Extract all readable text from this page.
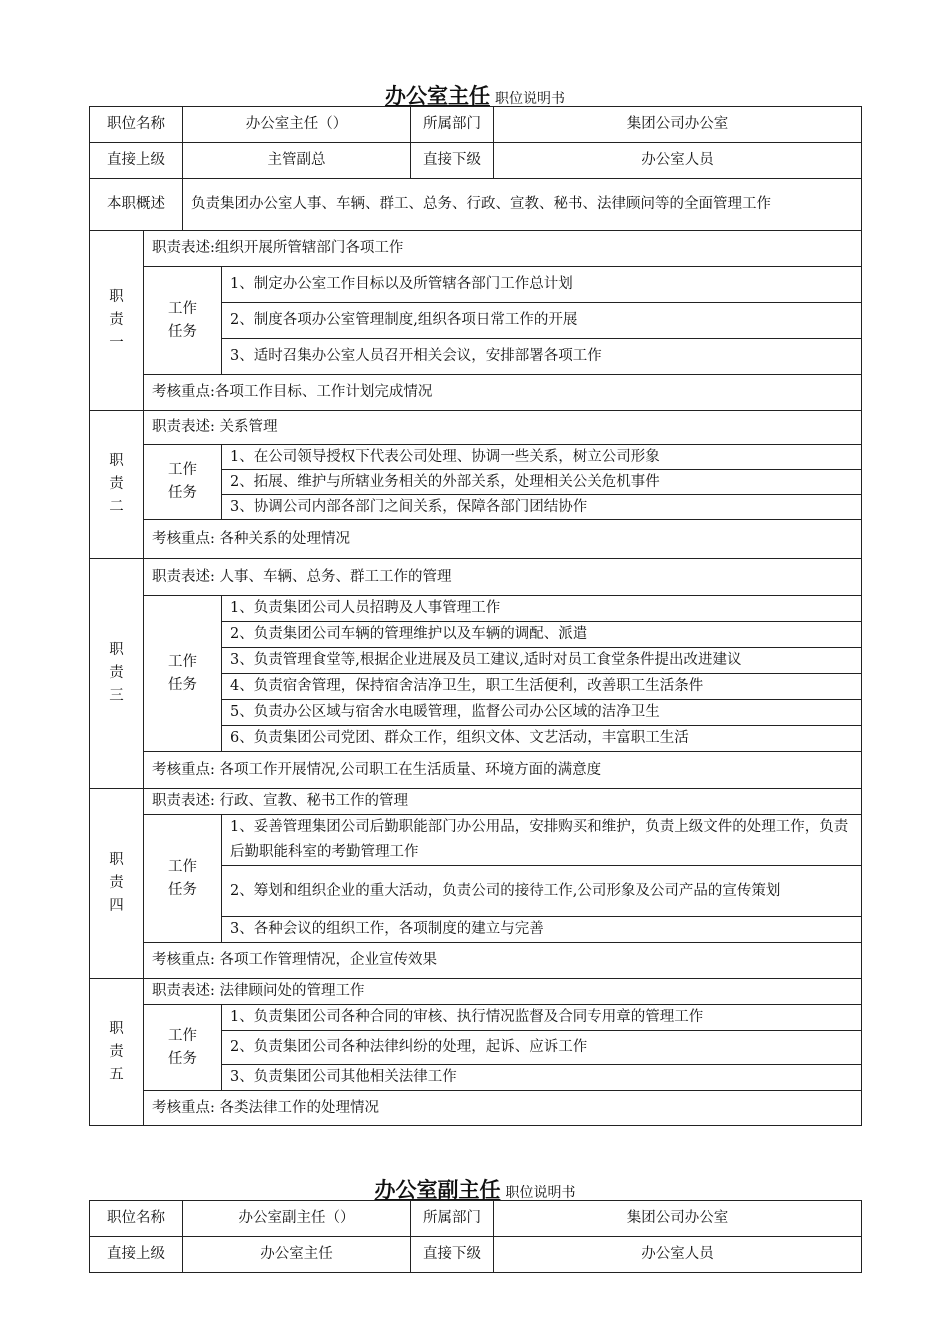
办公室主任 职位说明书
职位名称		办公室主任（）		所属部门	集团公司办公室
直接上级		主管副总		直接下级	办公室人员
本职概述		负责集团办公室人事、车辆、群工、总务、行政、宣教、秘书、法律顾问等的全面管理工作			

职
责
一	职责表述:组织开展所管辖部门各项工作				

	工作
任务		1、制定办公室工作目标以及所管辖各部门工作总计划		
			2、制度各项办公室管理制度,组织各项日常工作的开展		
			3、适时召集办公室人员召开相关会议，安排部署各项工作		
	考核重点:各项工作目标、工作计划完成情况				

职
责
二	职责表述: 关系管理				

	工作
任务		1、在公司领导授权下代表公司处理、协调一些关系，树立公司形象		
			2、拓展、维护与所辖业务相关的外部关系，处理相关公关危机事件		
			3、协调公司内部各部门之间关系，保障各部门团结协作		
	考核重点: 各种关系的处理情况				

职
责
三	职责表述: 人事、车辆、总务、群工工作的管理				

	工作
任务		1、负责集团公司人员招聘及人事管理工作		
			2、负责集团公司车辆的管理维护以及车辆的调配、派遣		
			3、负责管理食堂等,根据企业进展及员工建议,适时对员工食堂条件提出改进建议		
			4、负责宿舍管理，保持宿舍洁净卫生，职工生活便利，改善职工生活条件		
			5、负责办公区域与宿舍水电暖管理，监督公司办公区域的洁净卫生		
			6、负责集团公司党团、群众工作，组织文体、文艺活动，丰富职工生活		
	考核重点: 各项工作开展情况,公司职工在生活质量、环境方面的满意度				

职
责
四	职责表述: 行政、宣教、秘书工作的管理				

	工作
任务		1、妥善管理集团公司后勤职能部门办公用品，安排购买和维护，负责上级文件的处理工作，负责后勤职能科室的考勤管理工作		
			2、筹划和组织企业的重大活动，负责公司的接待工作,公司形象及公司产品的宣传策划		
			3、各种会议的组织工作，各项制度的建立与完善		
	考核重点: 各项工作管理情况，企业宣传效果				

职
责
五	职责表述: 法律顾问处的管理工作				

	工作
任务		1、负责集团公司各种合同的审核、执行情况监督及合同专用章的管理工作		
			2、负责集团公司各种法律纠纷的处理，起诉、应诉工作		
			3、负责集团公司其他相关法律工作		
	考核重点: 各类法律工作的处理情况				
办公室副主任 职位说明书
职位名称	办公室副主任（）	所属部门	集团公司办公室
直接上级	办公室主任	直接下级	办公室人员
